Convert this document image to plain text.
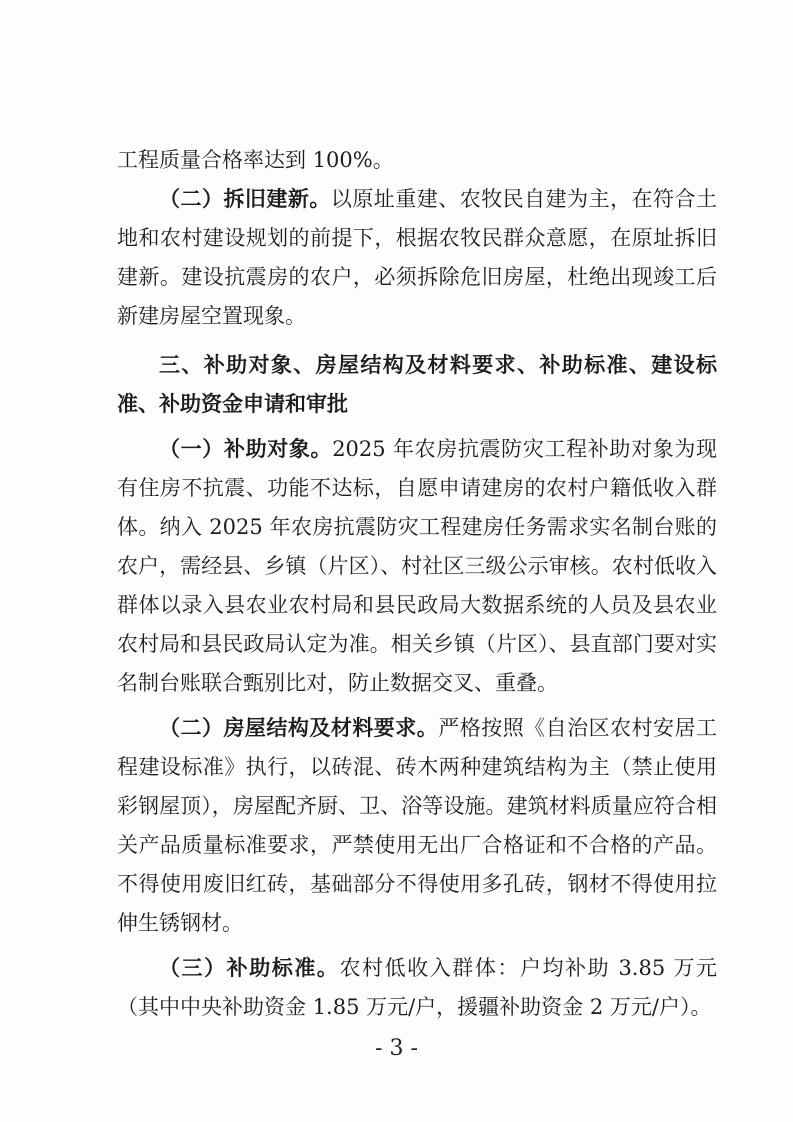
工程质量合格率达到 100%。

（二）拆旧建新。以原址重建、农牧民自建为主，在符合土地和农村建设规划的前提下，根据农牧民群众意愿，在原址拆旧建新。建设抗震房的农户，必须拆除危旧房屋，杜绝出现竣工后新建房屋空置现象。

三、补助对象、房屋结构及材料要求、补助标准、建设标准、补助资金申请和审批

（一）补助对象。2025 年农房抗震防灾工程补助对象为现有住房不抗震、功能不达标，自愿申请建房的农村户籍低收入群体。纳入 2025 年农房抗震防灾工程建房任务需求实名制台账的农户，需经县、乡镇（片区）、村社区三级公示审核。农村低收入群体以录入县农业农村局和县民政局大数据系统的人员及县农业农村局和县民政局认定为准。相关乡镇（片区）、县直部门要对实名制台账联合甄别比对，防止数据交叉、重叠。

（二）房屋结构及材料要求。严格按照《自治区农村安居工程建设标准》执行，以砖混、砖木两种建筑结构为主（禁止使用彩钢屋顶），房屋配齐厨、卫、浴等设施。建筑材料质量应符合相关产品质量标准要求，严禁使用无出厂合格证和不合格的产品。不得使用废旧红砖，基础部分不得使用多孔砖，钢材不得使用拉伸生锈钢材。

（三）补助标准。农村低收入群体：户均补助 3.85 万元（其中中央补助资金 1.85 万元/户，援疆补助资金 2 万元/户）。

- 3 -
